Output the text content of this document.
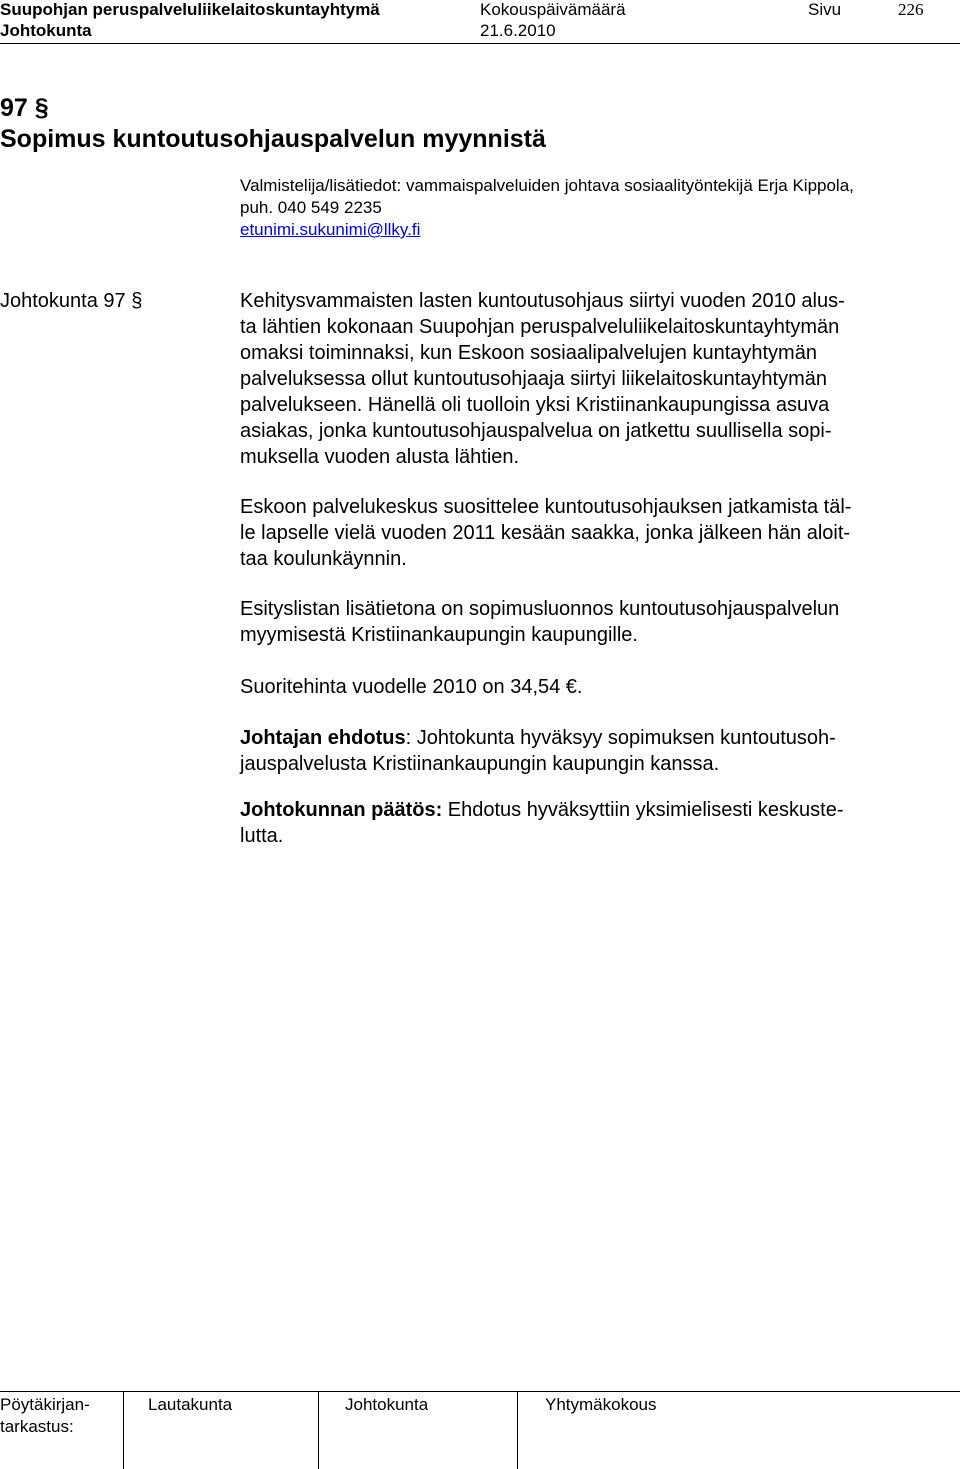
Suupohjan peruspalveluliikelaitoskuntayhtymä	Kokouspäivämäärä	Sivu	226
Johtokunta	21.6.2010
97 §
Sopimus kuntoutusohjauspalvelun myynnistä
Valmistelija/lisätiedot: vammaispalveluiden johtava sosiaalityöntekijä Erja Kippola,
puh. 040 549 2235
etunimi.sukunimi@llky.fi
Johtokunta 97 §	Kehitysvammaisten lasten kuntoutusohjaus siirtyi vuoden 2010 alus-
ta lähtien kokonaan Suupohjan peruspalveluliikelaitoskuntayhtymän
omaksi toiminnaksi, kun Eskoon sosiaalipalvelujen kuntayhtymän
palveluksessa ollut kuntoutusohjaaja siirtyi liikelaitoskuntayhtymän
palvelukseen. Hänellä oli tuolloin yksi Kristiinankaupungissa asuva
asiakas, jonka kuntoutusohjauspalvelua on jatkettu suullisella sopi-
muksella vuoden alusta lähtien.
Eskoon palvelukeskus suosittelee kuntoutusohjauksen jatkamista täl-
le lapselle vielä vuoden 2011 kesään saakka, jonka jälkeen hän aloit-
taa koulunkäynnin.
Esityslistan lisätietona on sopimusluonnos kuntoutusohjauspalvelun
myymisestä Kristiinankaupungin kaupungille.
Suoritehinta vuodelle 2010 on 34,54 €.
Johtajan ehdotus: Johtokunta hyväksyy sopimuksen kuntoutusoh-
jauspalvelusta Kristiinankaupungin kaupungin kanssa.
Johtokunnan päätös: Ehdotus hyväksyttiin yksimielisesti keskuste-
lutta.
Pöytäkirjan-
tarkastus:
Lautakunta	Johtokunta	Yhtymäkokous
